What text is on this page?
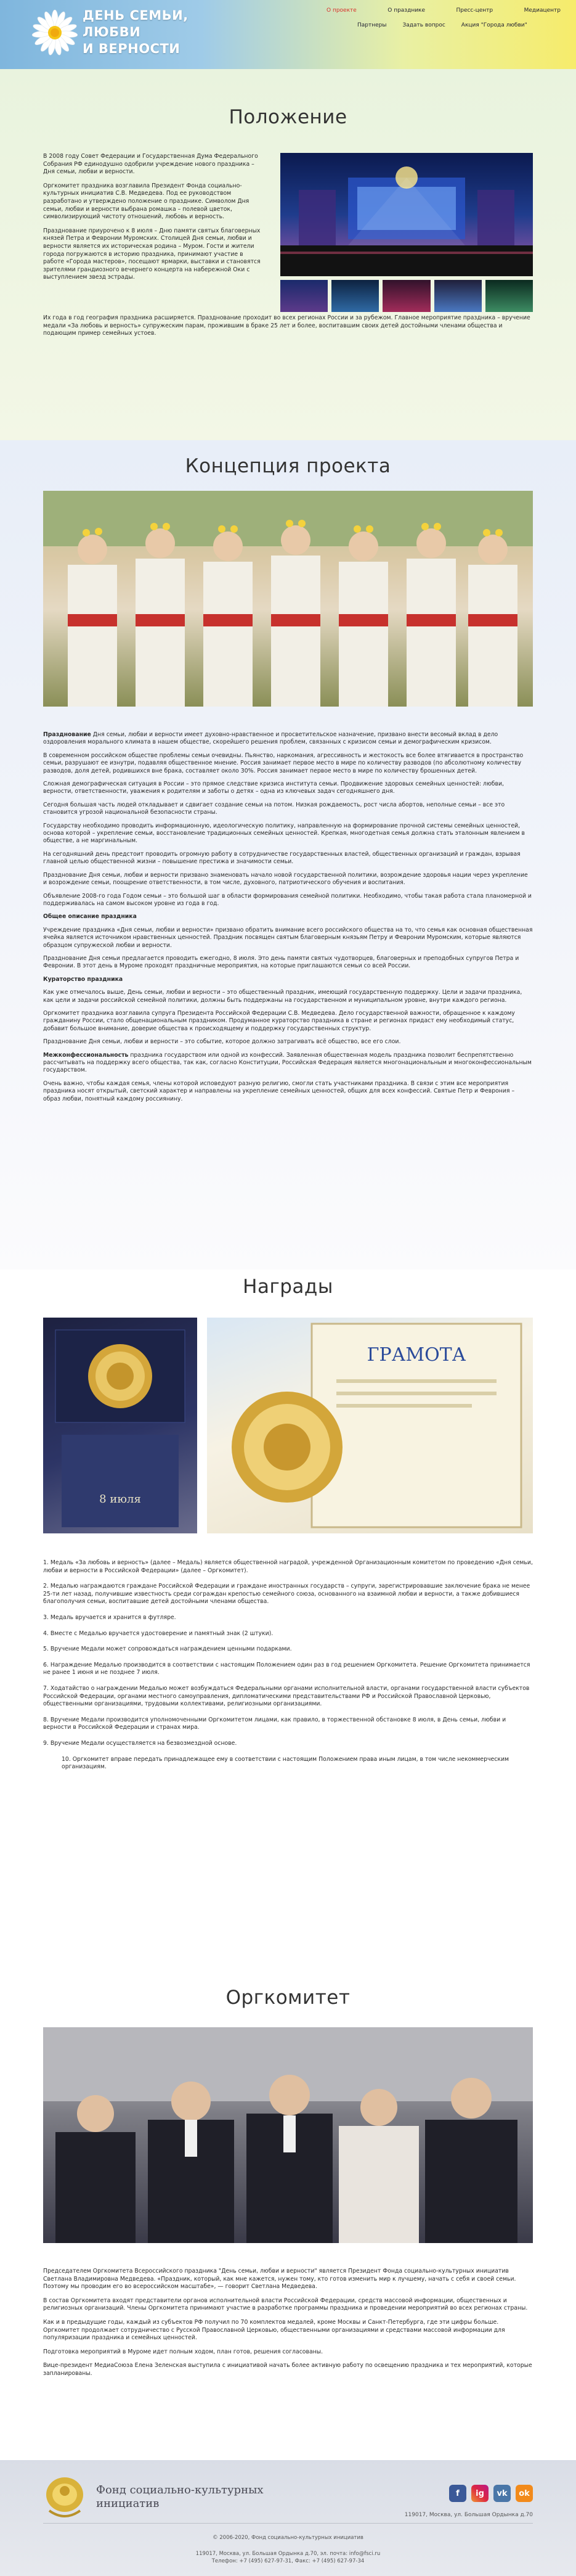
ДЕНЬ СЕМЬИ,
ЛЮБВИ
И ВЕРНОСТИ
О проекте	О празднике	Пресс-центр	Медиацентр
Партнеры	Задать вопрос	Акция "Города любви"
Положение

В 2008 году Совет Федерации и Государственная Дума Федерального Собрания РФ единодушно одобрили учреждение нового праздника – Дня семьи, любви и верности.

Оргкомитет праздника возглавила Президент Фонда социально-культурных инициатив С.В. Медведева. Под ее руководством разработано и утверждено положение о празднике. Символом Дня семьи, любви и верности выбрана ромашка – полевой цветок, символизирующий чистоту отношений, любовь и верность.

Празднование приурочено к 8 июля – Дню памяти святых благоверных князей Петра и Февронии Муромских. Столицей Дня семьи, любви и верности является их историческая родина – Муром. Гости и жители города погружаются в историю праздника, принимают участие в работе «Города мастеров», посещают ярмарки, выставки и становятся зрителями грандиозного вечернего концерта на набережной Оки с выступлением звезд эстрады.

Их года в год география праздника расширяется. Празднование проходит во всех регионах России и за рубежом. Главное мероприятие праздника – вручение медали «За любовь и верность» супружеским парам, прожившим в браке 25 лет и более, воспитавшим своих детей достойными членами общества и подающим пример семейных устоев.

Концепция проекта

Празднование Дня семьи, любви и верности имеет духовно-нравственное и просветительское назначение, призвано внести весомый вклад в дело оздоровления морального климата в нашем обществе, скорейшего решения проблем, связанных с кризисом семьи и демографическим кризисом.

В современном российском обществе проблемы семьи очевидны. Пьянство, наркомания, агрессивность и жестокость все более втягивается в пространство семьи, разрушают ее изнутри, подавляя общественное мнение. Россия занимает первое место в мире по количеству разводов (по абсолютному количеству разводов, доля детей, родившихся вне брака, составляет около 30%. Россия занимает первое место в мире по количеству брошенных детей.

Сложная демографическая ситуация в России – это прямое следствие кризиса института семьи. Продвижение здоровых семейных ценностей: любви, верности, ответственности, уважения к родителям и заботы о детях – одна из ключевых задач сегодняшнего дня.

Сегодня большая часть людей откладывает и сдвигает создание семьи на потом. Низкая рождаемость, рост числа абортов, неполные семьи – все это становится угрозой национальной безопасности страны.

Государству необходимо проводить информационную, идеологическую политику, направленную на формирование прочной системы семейных ценностей, основа которой – укрепление семьи, восстановление традиционных семейных ценностей. Крепкая, многодетная семья должна стать эталонным явлением в обществе, а не маргинальным.

На сегодняшний день предстоит проводить огромную работу в сотрудничестве государственных властей, общественных организаций и граждан, взрывая главной целью общественной жизни – повышение престижа и значимости семьи.

Празднование Дня семьи, любви и верности призвано знаменовать начало новой государственной политики, возрождение здоровья нации через укрепление и возрождение семьи, поощрение ответственности, в том числе, духовного, патриотического обучения и воспитания.

Объявление 2008-го года Годом семьи – это большой шаг в области формирования семейной политики. Необходимо, чтобы такая работа стала планомерной и поддерживалась на самом высоком уровне из года в год.

Общее описание праздника

Учреждение праздника «Дня семьи, любви и верности» призвано обратить внимание всего российского общества на то, что семья как основная общественная ячейка является источником нравственных ценностей. Праздник посвящен святым благоверным князьям Петру и Февронии Муромским, которые являются образцом супружеской любви и верности.

Празднование Дня семьи предлагается проводить ежегодно, 8 июля. Это день памяти святых чудотворцев, благоверных и преподобных супругов Петра и Февронии. В этот день в Муроме проходят праздничные мероприятия, на которые приглашаются семьи со всей России.

Кураторство праздника

Как уже отмечалось выше, День семьи, любви и верности – это общественный праздник, имеющий государственную поддержку. Цели и задачи праздника, как цели и задачи российской семейной политики, должны быть поддержаны на государственном и муниципальном уровне, внутри каждого региона.

Оргкомитет праздника возглавила супруга Президента Российской Федерации С.В. Медведева. Дело государственной важности, обращенное к каждому гражданину России, стало общенациональным праздником. Продуманное кураторство праздника в стране и регионах придаст ему необходимый статус, добавит большое внимание, доверие общества к происходящему и поддержку государственных структур.

Празднование Дня семьи, любви и верности – это событие, которое должно затрагивать всё общество, все его слои.

Межконфессиональность праздника государством или одной из конфессий. Заявленная общественная модель праздника позволит беспрепятственно рассчитывать на поддержку всего общества, так как, согласно Конституции, Российская Федерация является многонациональным и многоконфессиональным государством.

Очень важно, чтобы каждая семья, члены которой исповедуют разную религию, смогли стать участниками праздника. В связи с этим все мероприятия праздника носят открытый, светский характер и направлены на укрепление семейных ценностей, общих для всех конфессий. Святые Петр и Феврония – образ любви, понятный каждому россиянину.

Награды
8 июля
ГРАМОТА

1. Медаль «За любовь и верность» (далее – Медаль) является общественной наградой, учрежденной Организационным комитетом по проведению «Дня семьи, любви и верности в Российской Федерации» (далее – Оргкомитет).

2. Медалью награждаются граждане Российской Федерации и граждане иностранных государств – супруги, зарегистрировавшие заключение брака не менее 25-ти лет назад, получившие известность среди сограждан крепостью семейного союза, основанного на взаимной любви и верности, а также добившиеся благополучия семьи, воспитавшие детей достойными членами общества.

3. Медаль вручается и хранится в футляре.

4. Вместе с Медалью вручается удостоверение и памятный знак (2 штуки).

5. Вручение Медали может сопровождаться награждением ценными подарками.

6. Награждение Медалью производится в соответствии с настоящим Положением один раз в год решением Оргкомитета. Решение Оргкомитета принимается не ранее 1 июня и не позднее 7 июля.

7. Ходатайство о награждении Медалью может возбуждаться Федеральными органами исполнительной власти, органами государственной власти субъектов Российской Федерации, органами местного самоуправления, дипломатическими представительствами РФ и Российской Православной Церковью, общественными организациями, трудовыми коллективами, религиозными организациями.

8. Вручение Медали производится уполномоченными Оргкомитетом лицами, как правило, в торжественной обстановке 8 июля, в День семьи, любви и верности в Российской Федерации и странах мира.

9. Вручение Медали осуществляется на безвозмездной основе.

10. Оргкомитет вправе передать принадлежащее ему в соответствии с настоящим Положением права иным лицам, в том числе некоммерческим организациям.

Оргкомитет

Председателем Оргкомитета Всероссийского праздника "День семьи, любви и верности" является Президент Фонда социально-культурных инициатив Светлана Владимировна Медведева. «Праздник, который, как мне кажется, нужен тому, кто готов изменить мир к лучшему, начать с себя и своей семьи. Поэтому мы проводим его во всероссийском масштабе», — говорит Светлана Медведева.

В состав Оргкомитета входят представители органов исполнительной власти Российской Федерации, средств массовой информации, общественных и религиозных организаций. Члены Оргкомитета принимают участие в разработке программы праздника и проведении мероприятий во всех регионах страны.

Как и в предыдущие годы, каждый из субъектов РФ получил по 70 комплектов медалей, кроме Москвы и Санкт-Петербурга, где эти цифры больше. Оргкомитет продолжает сотрудничество с Русской Православной Церковью, общественными организациями и средствами массовой информации для популяризации праздника и семейных ценностей.

Подготовка мероприятий в Муроме идет полным ходом, план готов, решения согласованы.

Вице-президент МедиаСоюза Елена Зеленская выступила с инициативой начать более активную работу по освещению праздника и тех мероприятий, которые запланированы.

Фонд социально-культурных
инициатив
f	ig	vk	ok
119017, Москва, ул. Большая Ордынка д.70
© 2006-2020, Фонд социально-культурных инициатив
119017, Москва, ул. Большая Ордынка д.70, эл. почта: info@fsci.ru
Телефон: +7 (495) 627-97-31, Факс: +7 (495) 627-97-34
